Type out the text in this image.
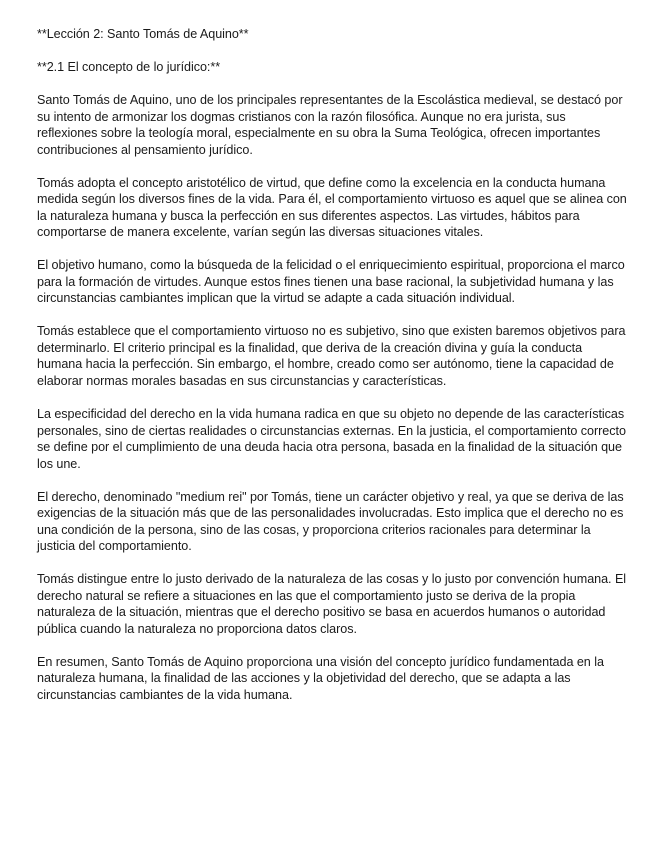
**Lección 2: Santo Tomás de Aquino**

**2.1 El concepto de lo jurídico:**

Santo Tomás de Aquino, uno de los principales representantes de la Escolástica medieval, se destacó por su intento de armonizar los dogmas cristianos con la razón filosófica. Aunque no era jurista, sus reflexiones sobre la teología moral, especialmente en su obra la Suma Teológica, ofrecen importantes contribuciones al pensamiento jurídico.

Tomás adopta el concepto aristotélico de virtud, que define como la excelencia en la conducta humana medida según los diversos fines de la vida. Para él, el comportamiento virtuoso es aquel que se alinea con la naturaleza humana y busca la perfección en sus diferentes aspectos. Las virtudes, hábitos para comportarse de manera excelente, varían según las diversas situaciones vitales.

El objetivo humano, como la búsqueda de la felicidad o el enriquecimiento espiritual, proporciona el marco para la formación de virtudes. Aunque estos fines tienen una base racional, la subjetividad humana y las circunstancias cambiantes implican que la virtud se adapte a cada situación individual.

Tomás establece que el comportamiento virtuoso no es subjetivo, sino que existen baremos objetivos para determinarlo. El criterio principal es la finalidad, que deriva de la creación divina y guía la conducta humana hacia la perfección. Sin embargo, el hombre, creado como ser autónomo, tiene la capacidad de elaborar normas morales basadas en sus circunstancias y características.

La especificidad del derecho en la vida humana radica en que su objeto no depende de las características personales, sino de ciertas realidades o circunstancias externas. En la justicia, el comportamiento correcto se define por el cumplimiento de una deuda hacia otra persona, basada en la finalidad de la situación que los une.

El derecho, denominado "medium rei" por Tomás, tiene un carácter objetivo y real, ya que se deriva de las exigencias de la situación más que de las personalidades involucradas. Esto implica que el derecho no es una condición de la persona, sino de las cosas, y proporciona criterios racionales para determinar la justicia del comportamiento.

Tomás distingue entre lo justo derivado de la naturaleza de las cosas y lo justo por convención humana. El derecho natural se refiere a situaciones en las que el comportamiento justo se deriva de la propia naturaleza de la situación, mientras que el derecho positivo se basa en acuerdos humanos o autoridad pública cuando la naturaleza no proporciona datos claros.

En resumen, Santo Tomás de Aquino proporciona una visión del concepto jurídico fundamentada en la naturaleza humana, la finalidad de las acciones y la objetividad del derecho, que se adapta a las circunstancias cambiantes de la vida humana.
